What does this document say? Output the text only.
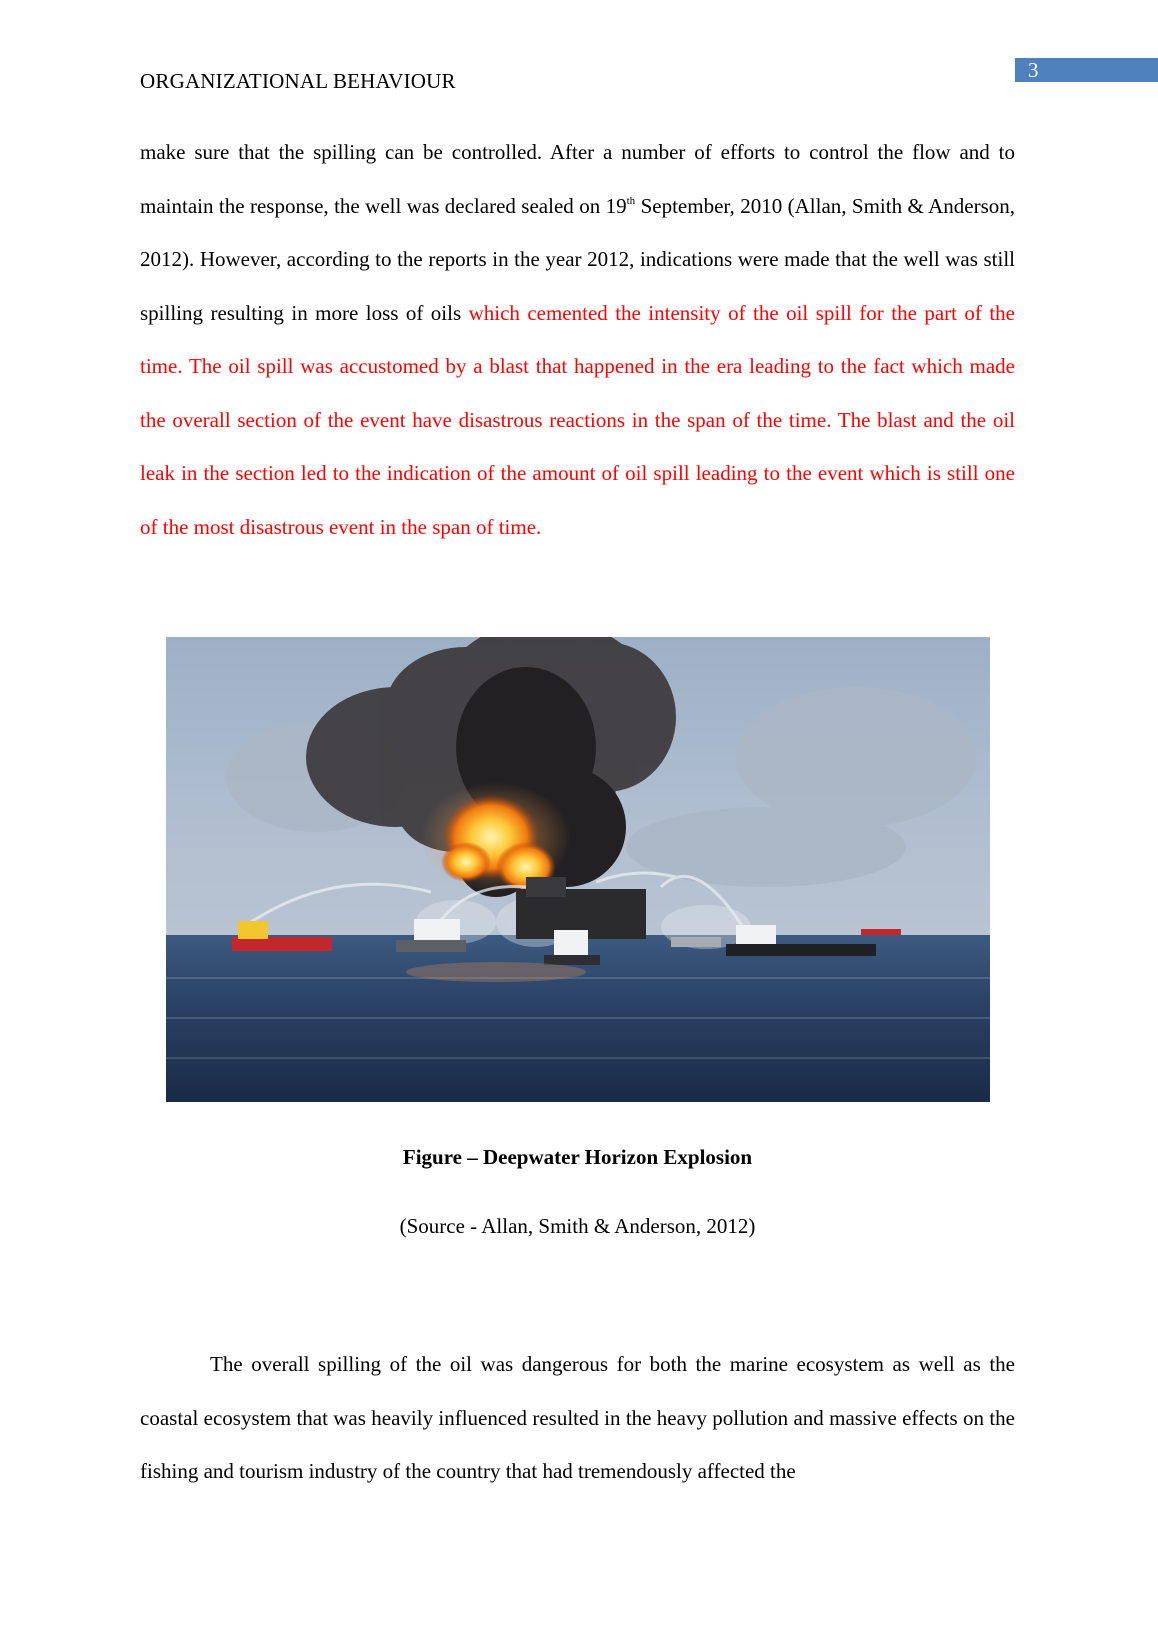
3
ORGANIZATIONAL BEHAVIOUR

make sure that the spilling can be controlled. After a number of efforts to control the flow and to maintain the response, the well was declared sealed on 19th September, 2010 (Allan, Smith & Anderson, 2012). However, according to the reports in the year 2012, indications were made that the well was still spilling resulting in more loss of oils which cemented the intensity of the oil spill for the part of the time. The oil spill was accustomed by a blast that happened in the era leading to the fact which made the overall section of the event have disastrous reactions in the span of the time. The blast and the oil leak in the section led to the indication of the amount of oil spill leading to the event which is still one of the most disastrous event in the span of time.

Figure – Deepwater Horizon Explosion
(Source - Allan, Smith & Anderson, 2012)

The overall spilling of the oil was dangerous for both the marine ecosystem as well as the coastal ecosystem that was heavily influenced resulted in the heavy pollution and massive effects on the fishing and tourism industry of the country that had tremendously affected the
